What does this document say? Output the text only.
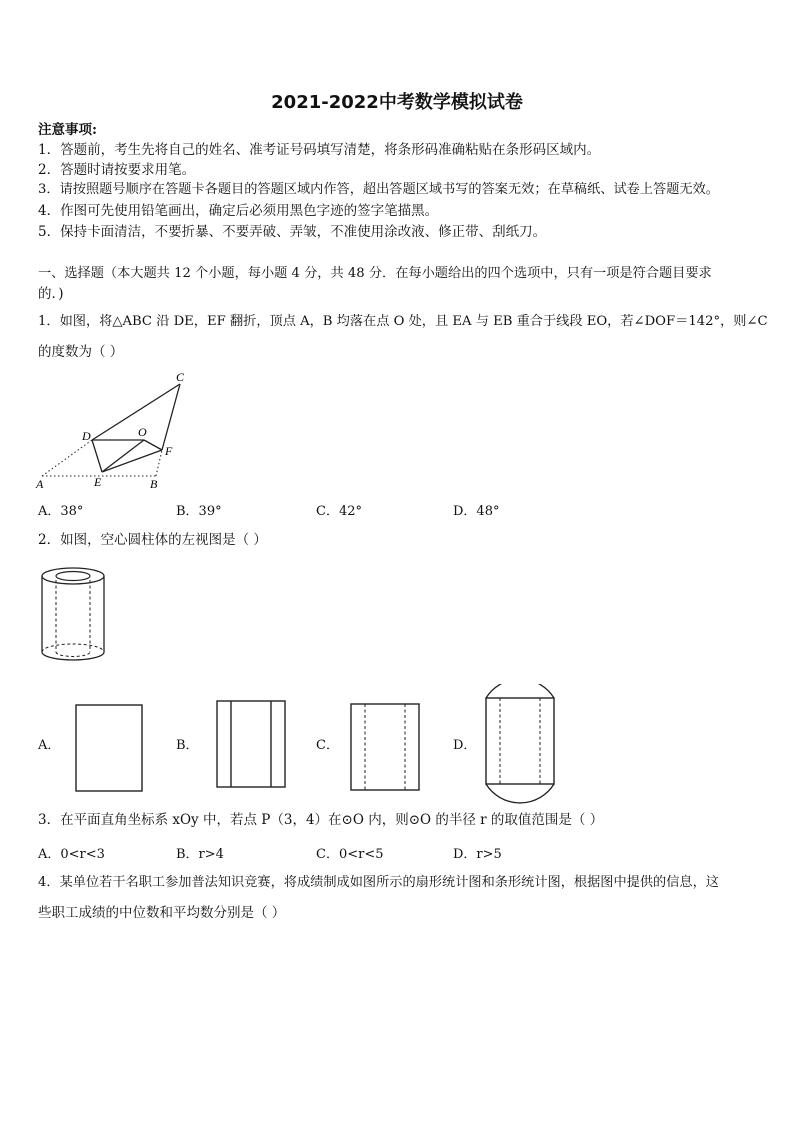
2021-2022中考数学模拟试卷
注意事项:
1．答题前，考生先将自己的姓名、准考证号码填写清楚，将条形码准确粘贴在条形码区域内。
2．答题时请按要求用笔。
3．请按照题号顺序在答题卡各题目的答题区域内作答，超出答题区域书写的答案无效；在草稿纸、试卷上答题无效。
4．作图可先使用铅笔画出，确定后必须用黑色字迹的签字笔描黑。
5．保持卡面清洁，不要折暴、不要弄破、弄皱，不准使用涂改液、修正带、刮纸刀。
一、选择题（本大题共 12 个小题，每小题 4 分，共 48 分．在每小题给出的四个选项中，只有一项是符合题目要求
的．)
1．如图，将△ABC 沿 DE，EF 翻折，顶点 A，B 均落在点 O 处，且 EA 与 EB 重合于线段 EO，若∠DOF＝142°，则∠C
的度数为（ ）
C
D	O
F
A	E	B
A．38°	B．39°	C．42°	D．48°
2．如图，空心圆柱体的左视图是（ ）
A．	B．	C．	D．
3．在平面直角坐标系 xOy 中，若点 P（3，4）在⊙O 内，则⊙O 的半径 r 的取值范围是（ ）
A．0<r<3	B．r>4	C．0<r<5	D．r>5
4．某单位若干名职工参加普法知识竞赛，将成绩制成如图所示的扇形统计图和条形统计图，根据图中提供的信息，这
些职工成绩的中位数和平均数分别是（ ）
